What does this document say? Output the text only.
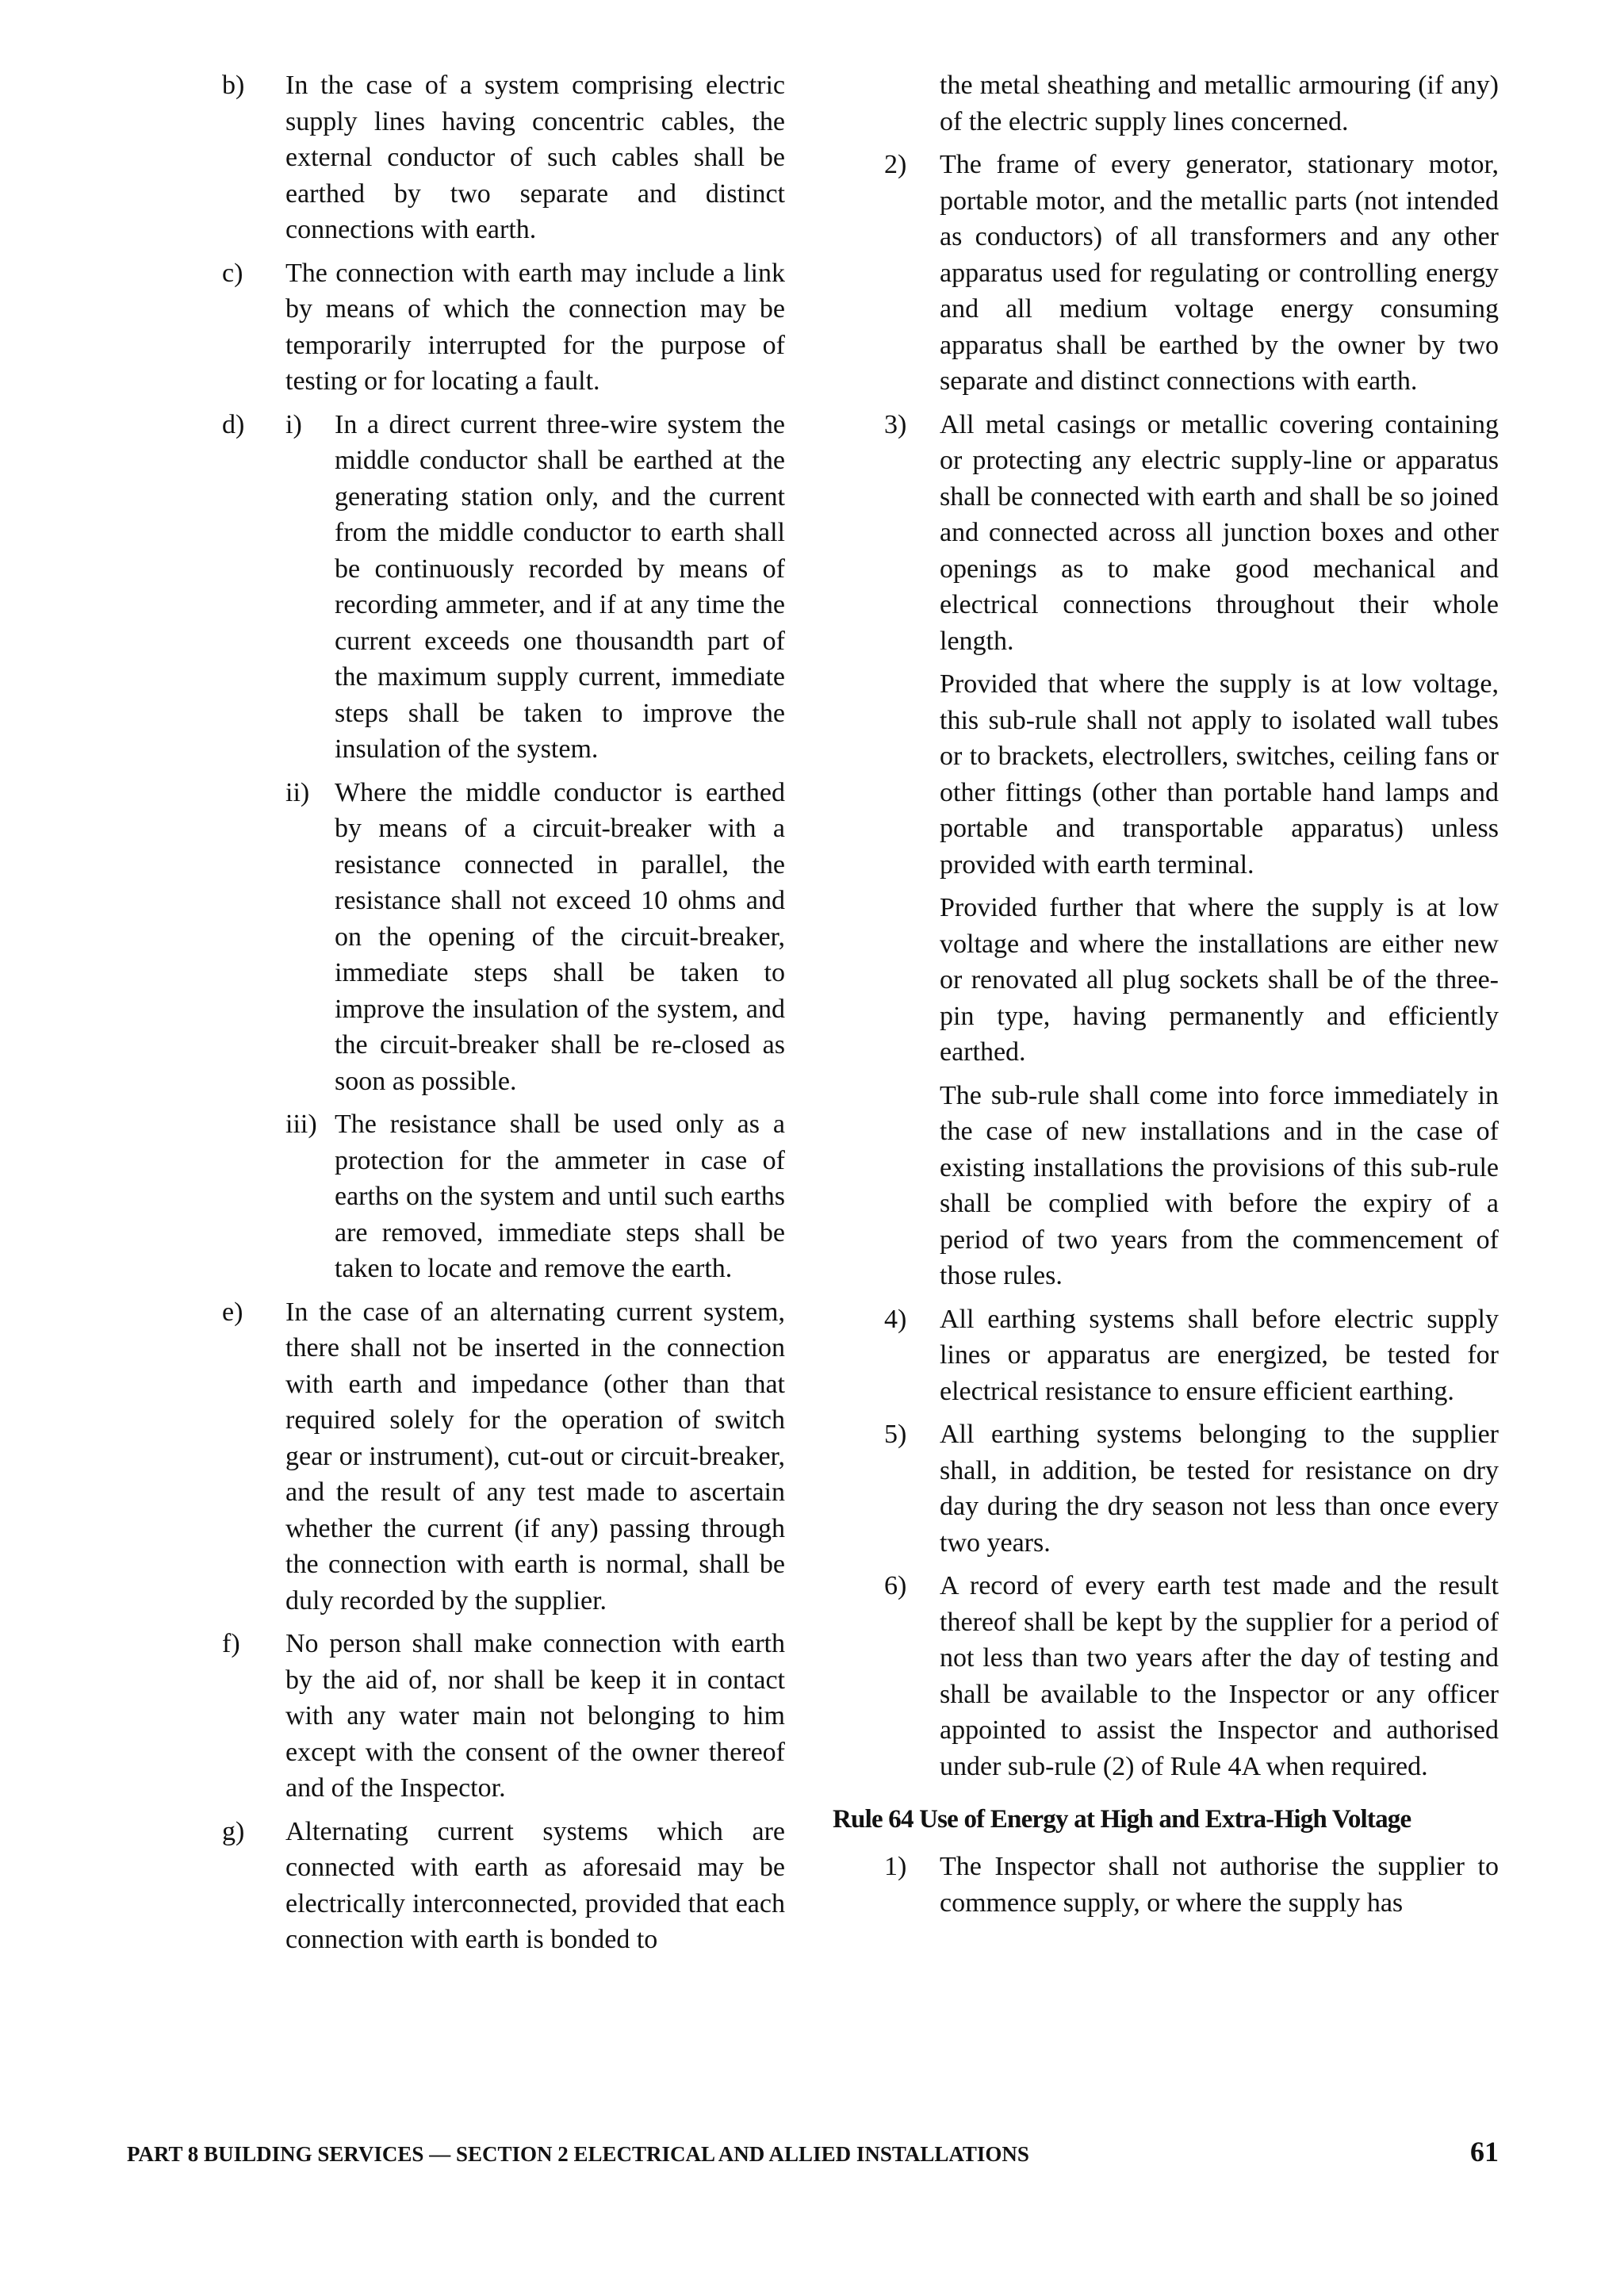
b) In the case of a system comprising electric supply lines having concentric cables, the external conductor of such cables shall be earthed by two separate and distinct connections with earth.
c) The connection with earth may include a link by means of which the connection may be temporarily interrupted for the purpose of testing or for locating a fault.
d) i) In a direct current three-wire system the middle conductor shall be earthed at the generating station only, and the current from the middle conductor to earth shall be continuously recorded by means of recording ammeter, and if at any time the current exceeds one thousandth part of the maximum supply current, immediate steps shall be taken to improve the insulation of the system.
ii) Where the middle conductor is earthed by means of a circuit-breaker with a resistance connected in parallel, the resistance shall not exceed 10 ohms and on the opening of the circuit-breaker, immediate steps shall be taken to improve the insulation of the system, and the circuit-breaker shall be re-closed as soon as possible.
iii) The resistance shall be used only as a protection for the ammeter in case of earths on the system and until such earths are removed, immediate steps shall be taken to locate and remove the earth.
e) In the case of an alternating current system, there shall not be inserted in the connection with earth and impedance (other than that required solely for the operation of switch gear or instrument), cut-out or circuit-breaker, and the result of any test made to ascertain whether the current (if any) passing through the connection with earth is normal, shall be duly recorded by the supplier.
f) No person shall make connection with earth by the aid of, nor shall be keep it in contact with any water main not belonging to him except with the consent of the owner thereof and of the Inspector.
g) Alternating current systems which are connected with earth as aforesaid may be electrically interconnected, provided that each connection with earth is bonded to
the metal sheathing and metallic armouring (if any) of the electric supply lines concerned.
2) The frame of every generator, stationary motor, portable motor, and the metallic parts (not intended as conductors) of all transformers and any other apparatus used for regulating or controlling energy and all medium voltage energy consuming apparatus shall be earthed by the owner by two separate and distinct connections with earth.
3) All metal casings or metallic covering containing or protecting any electric supply-line or apparatus shall be connected with earth and shall be so joined and connected across all junction boxes and other openings as to make good mechanical and electrical connections throughout their whole length.
Provided that where the supply is at low voltage, this sub-rule shall not apply to isolated wall tubes or to brackets, electrollers, switches, ceiling fans or other fittings (other than portable hand lamps and portable and transportable apparatus) unless provided with earth terminal.
Provided further that where the supply is at low voltage and where the installations are either new or renovated all plug sockets shall be of the three-pin type, having permanently and efficiently earthed.
The sub-rule shall come into force immediately in the case of new installations and in the case of existing installations the provisions of this sub-rule shall be complied with before the expiry of a period of two years from the commencement of those rules.
4) All earthing systems shall before electric supply lines or apparatus are energized, be tested for electrical resistance to ensure efficient earthing.
5) All earthing systems belonging to the supplier shall, in addition, be tested for resistance on dry day during the dry season not less than once every two years.
6) A record of every earth test made and the result thereof shall be kept by the supplier for a period of not less than two years after the day of testing and shall be available to the Inspector or any officer appointed to assist the Inspector and authorised under sub-rule (2) of Rule 4A when required.
Rule 64 Use of Energy at High and Extra-High Voltage
1) The Inspector shall not authorise the supplier to commence supply, or where the supply has
PART 8 BUILDING SERVICES — SECTION 2 ELECTRICAL AND ALLIED INSTALLATIONS	61
